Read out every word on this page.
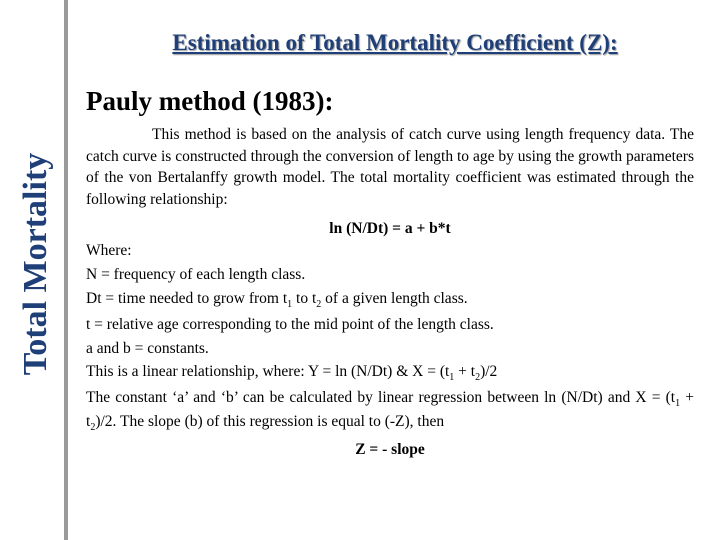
Total Mortality
Estimation of Total Mortality Coefficient (Z):
Pauly method (1983):

This method is based on the analysis of catch curve using length frequency data. The catch curve is constructed through the conversion of length to age by using the growth parameters of the von Bertalanffy growth model. The total mortality coefficient was estimated through the following relationship:

ln (N/Dt) = a + b*t

Where:

N = frequency of each length class.

Dt = time needed to grow from $t_1$ to $t_2$ of a given length class.

t = relative age corresponding to the mid point of the length class.

a and b = constants.

This is a linear relationship, where: Y = ln (N/Dt) & $X = (t_1 + t_2)/2$

The constant ‘a’ and ‘b’ can be calculated by linear regression between ln (N/Dt) and $X = (t_1 + t_2)/2$. The slope (b) of this regression is equal to (-Z), then

Z = - slope
